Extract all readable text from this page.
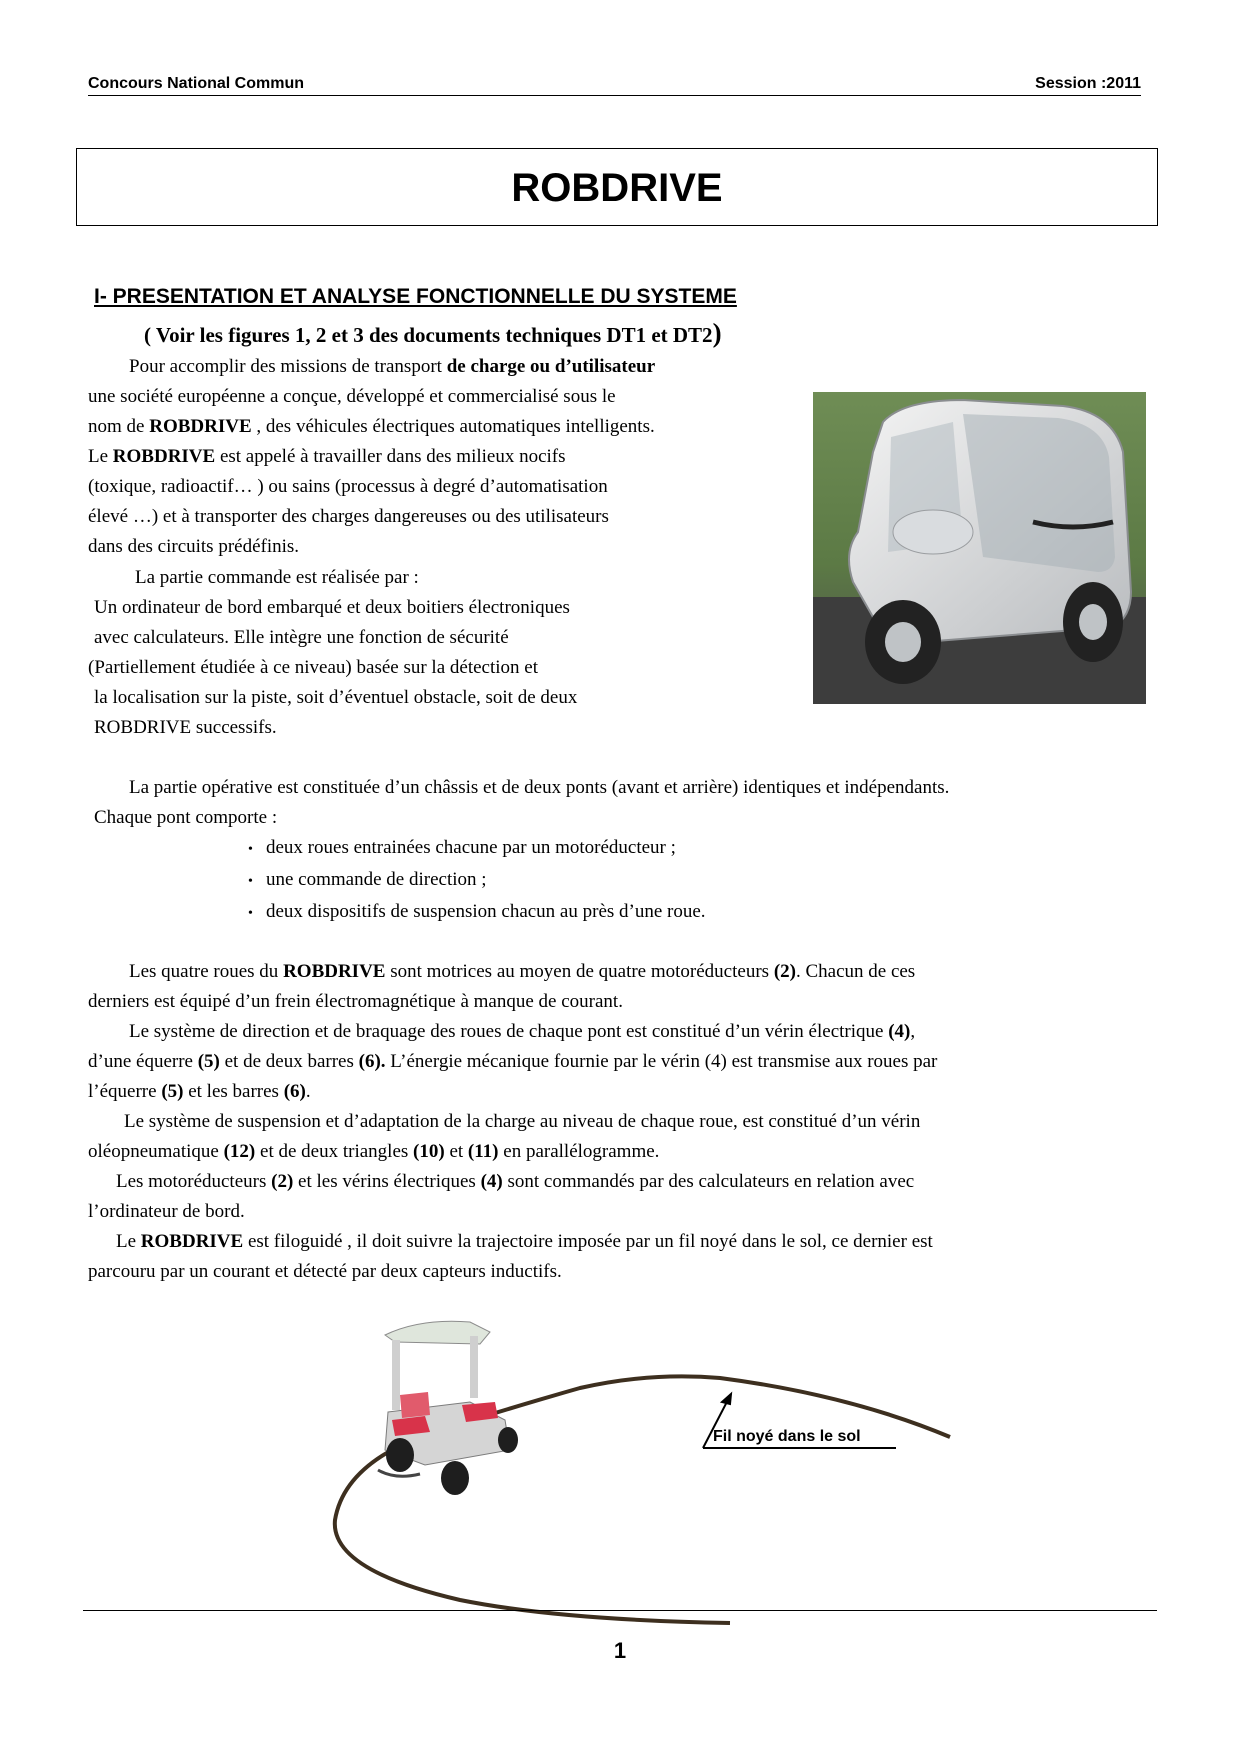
Concours National Commun	Session :2011
ROBDRIVE
I- PRESENTATION ET ANALYSE FONCTIONNELLE DU SYSTEME
( Voir les figures 1, 2 et 3 des documents techniques DT1 et DT2)
Pour accomplir des missions de transport de charge ou d’utilisateur
une société européenne a conçue, développé et commercialisé sous le
nom de ROBDRIVE , des véhicules électriques automatiques intelligents.
Le ROBDRIVE est appelé à travailler dans des milieux nocifs
(toxique, radioactif… ) ou sains (processus à degré d’automatisation
élevé …) et à transporter des charges dangereuses ou des utilisateurs
dans des circuits prédéfinis.
La partie commande est réalisée par :
Un ordinateur de bord embarqué et deux boitiers électroniques
avec calculateurs. Elle intègre une fonction de sécurité
(Partiellement étudiée à ce niveau) basée sur la détection et
la localisation sur la piste, soit d’éventuel obstacle, soit de deux
ROBDRIVE successifs.
La partie opérative est constituée d’un châssis et de deux ponts (avant et arrière) identiques et indépendants.
Chaque pont comporte :
• deux roues entrainées chacune par un motoréducteur ;
• une commande de direction ;
• deux dispositifs de suspension chacun au près d’une roue.
Les quatre roues du ROBDRIVE sont motrices au moyen de quatre motoréducteurs (2). Chacun de ces
derniers est équipé d’un frein électromagnétique à manque de courant.
Le système de direction et de braquage des roues de chaque pont est constitué d’un vérin électrique (4),
d’une équerre (5) et de deux barres (6). L’énergie mécanique fournie par le vérin (4) est transmise aux roues par
l’équerre (5) et les barres (6).
Le système de suspension et d’adaptation de la charge au niveau de chaque roue, est constitué d’un vérin
oléopneumatique (12) et de deux triangles (10) et (11) en parallélogramme.
Les motoréducteurs (2) et les vérins électriques (4) sont commandés par des calculateurs en relation avec
l’ordinateur de bord.
Le ROBDRIVE est filoguidé , il doit suivre la trajectoire imposée par un fil noyé dans le sol, ce dernier est
parcouru par un courant et détecté par deux capteurs inductifs.
Fil noyé dans le sol
1
